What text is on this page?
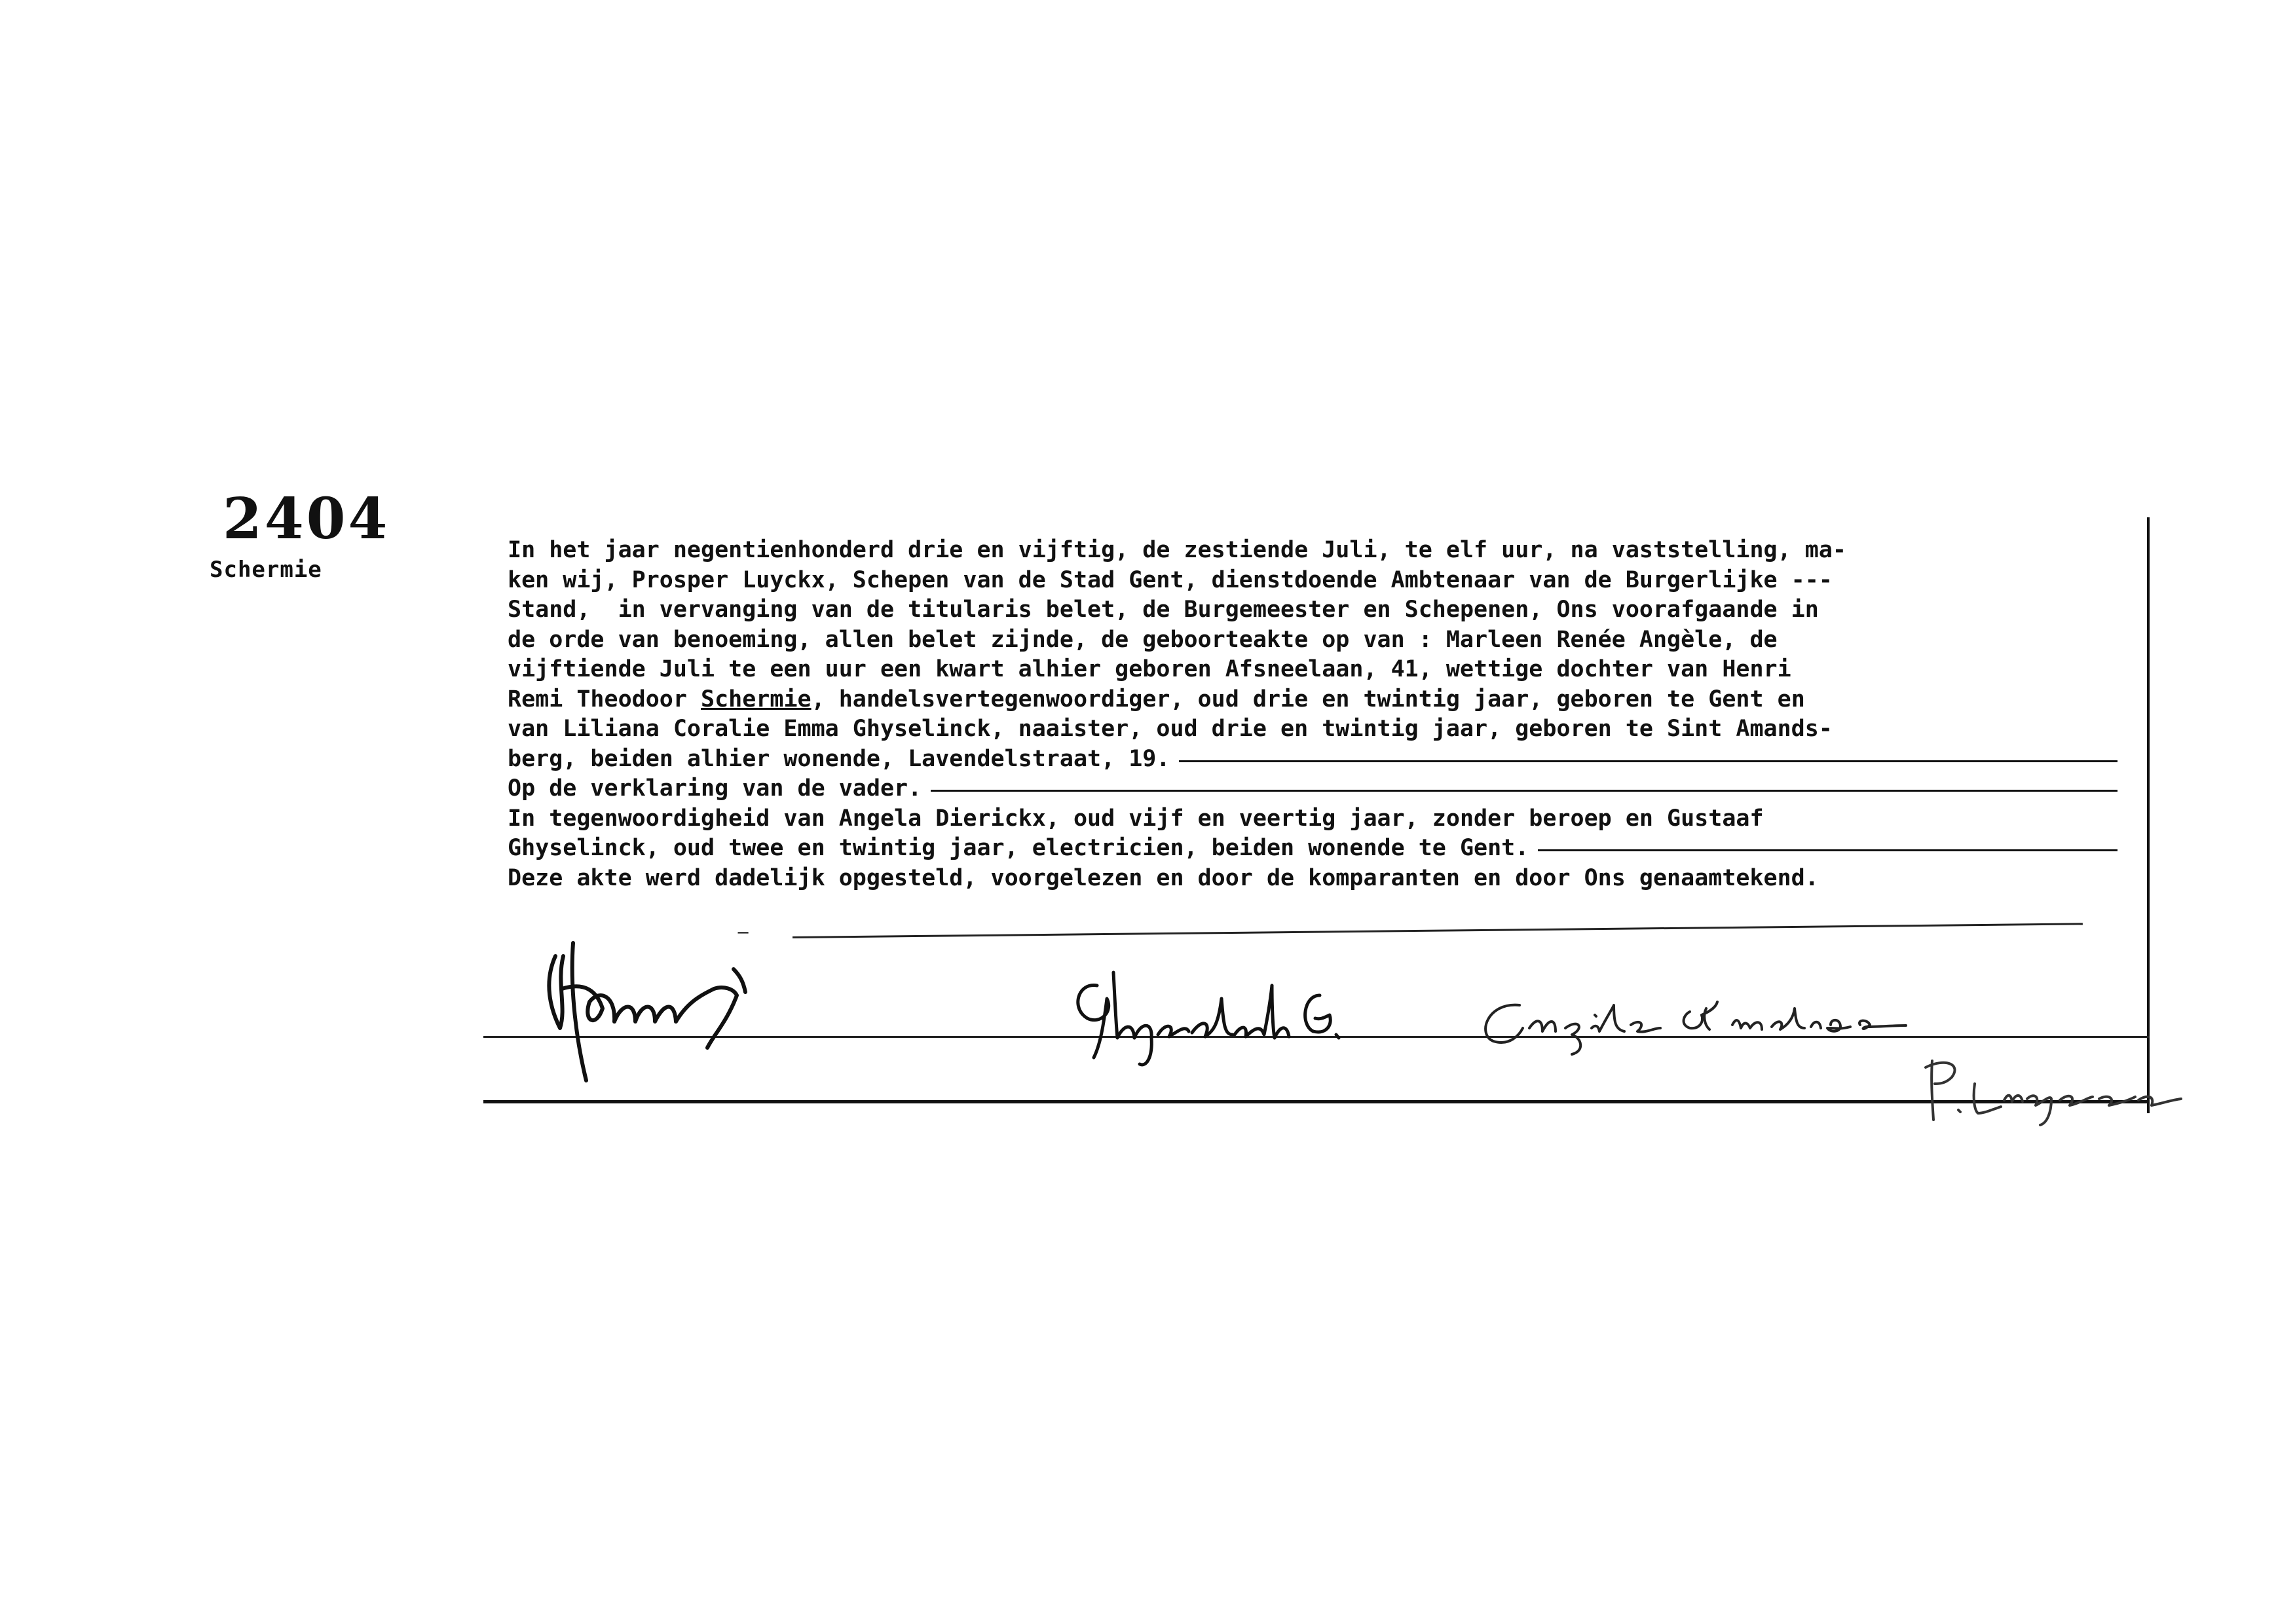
2404
Schermie
In het jaar negentienhonderd drie en vijftig, de zestiende Juli, te elf uur, na vaststelling, ma-
ken wij, Prosper Luyckx, Schepen van de Stad Gent, dienstdoende Ambtenaar van de Burgerlijke ---
Stand,  in vervanging van de titularis belet, de Burgemeester en Schepenen, Ons voorafgaande in
de orde van benoeming, allen belet zijnde, de geboorteakte op van : Marleen Renée Angèle, de
vijftiende Juli te een uur een kwart alhier geboren Afsneelaan, 41, wettige dochter van Henri
Remi Theodoor Schermie, handelsvertegenwoordiger, oud drie en twintig jaar, geboren te Gent en
van Liliana Coralie Emma Ghyselinck, naaister, oud drie en twintig jaar, geboren te Sint Amands-
berg, beiden alhier wonende, Lavendelstraat, 19.
Op de verklaring van de vader.
In tegenwoordigheid van Angela Dierickx, oud vijf en veertig jaar, zonder beroep en Gustaaf
Ghyselinck, oud twee en twintig jaar, electricien, beiden wonende te Gent.
Deze akte werd dadelijk opgesteld, voorgelezen en door de komparanten en door Ons genaamtekend.
‒
